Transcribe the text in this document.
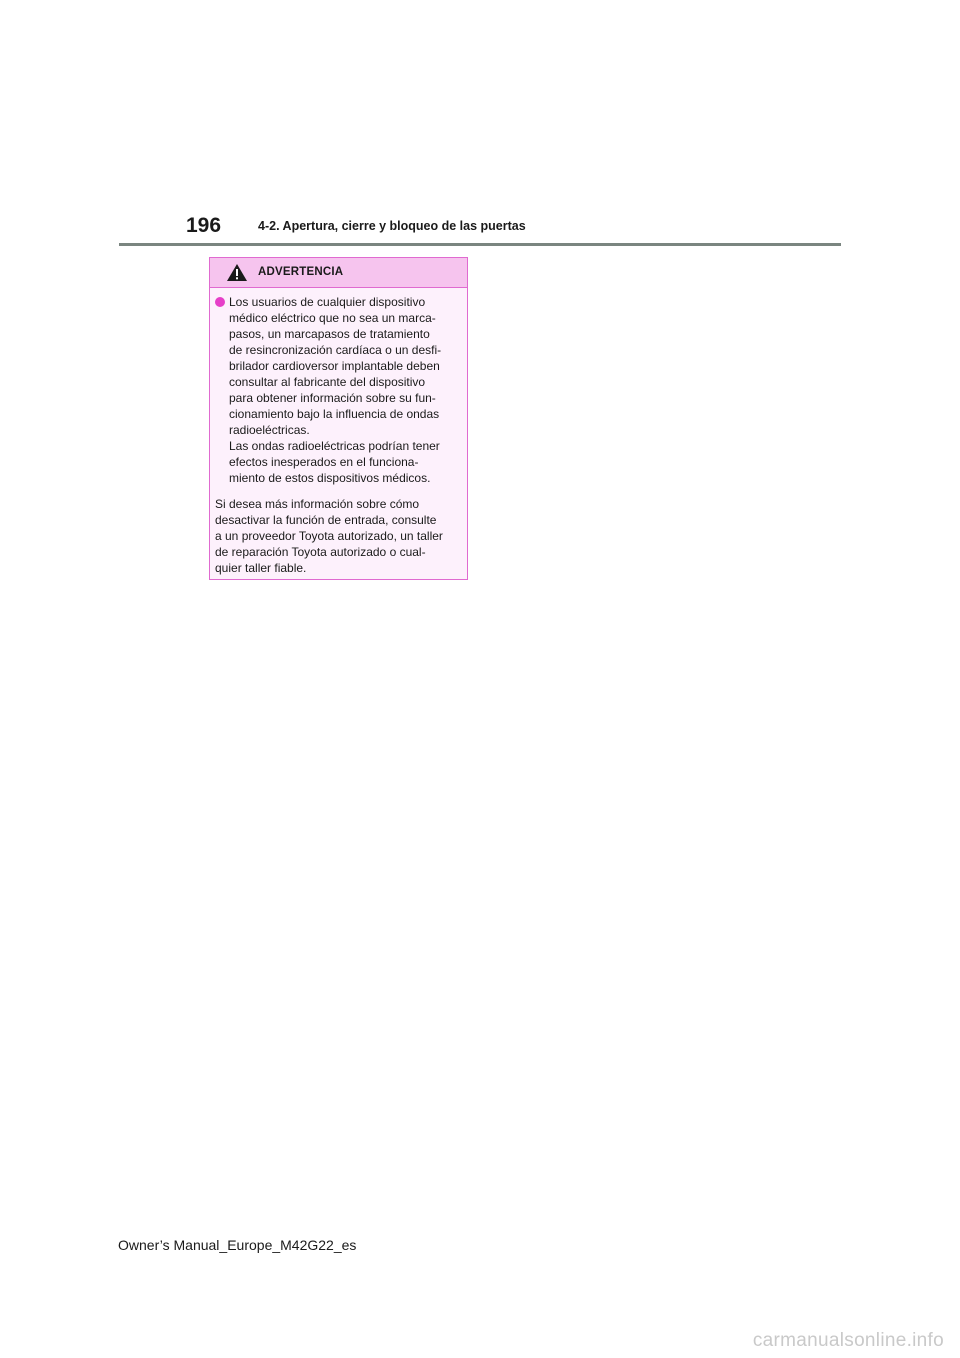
196	4-2. Apertura, cierre y bloqueo de las puertas
ADVERTENCIA
Los usuarios de cualquier dispositivo
médico eléctrico que no sea un marca-
pasos, un marcapasos de tratamiento
de resincronización cardíaca o un desfi-
brilador cardioversor implantable deben
consultar al fabricante del dispositivo
para obtener información sobre su fun-
cionamiento bajo la influencia de ondas
radioeléctricas.
Las ondas radioeléctricas podrían tener
efectos inesperados en el funciona-
miento de estos dispositivos médicos.
Si desea más información sobre cómo
desactivar la función de entrada, consulte
a un proveedor Toyota autorizado, un taller
de reparación Toyota autorizado o cual-
quier taller fiable.
Owner’s Manual_Europe_M42G22_es
carmanualsonline.info
